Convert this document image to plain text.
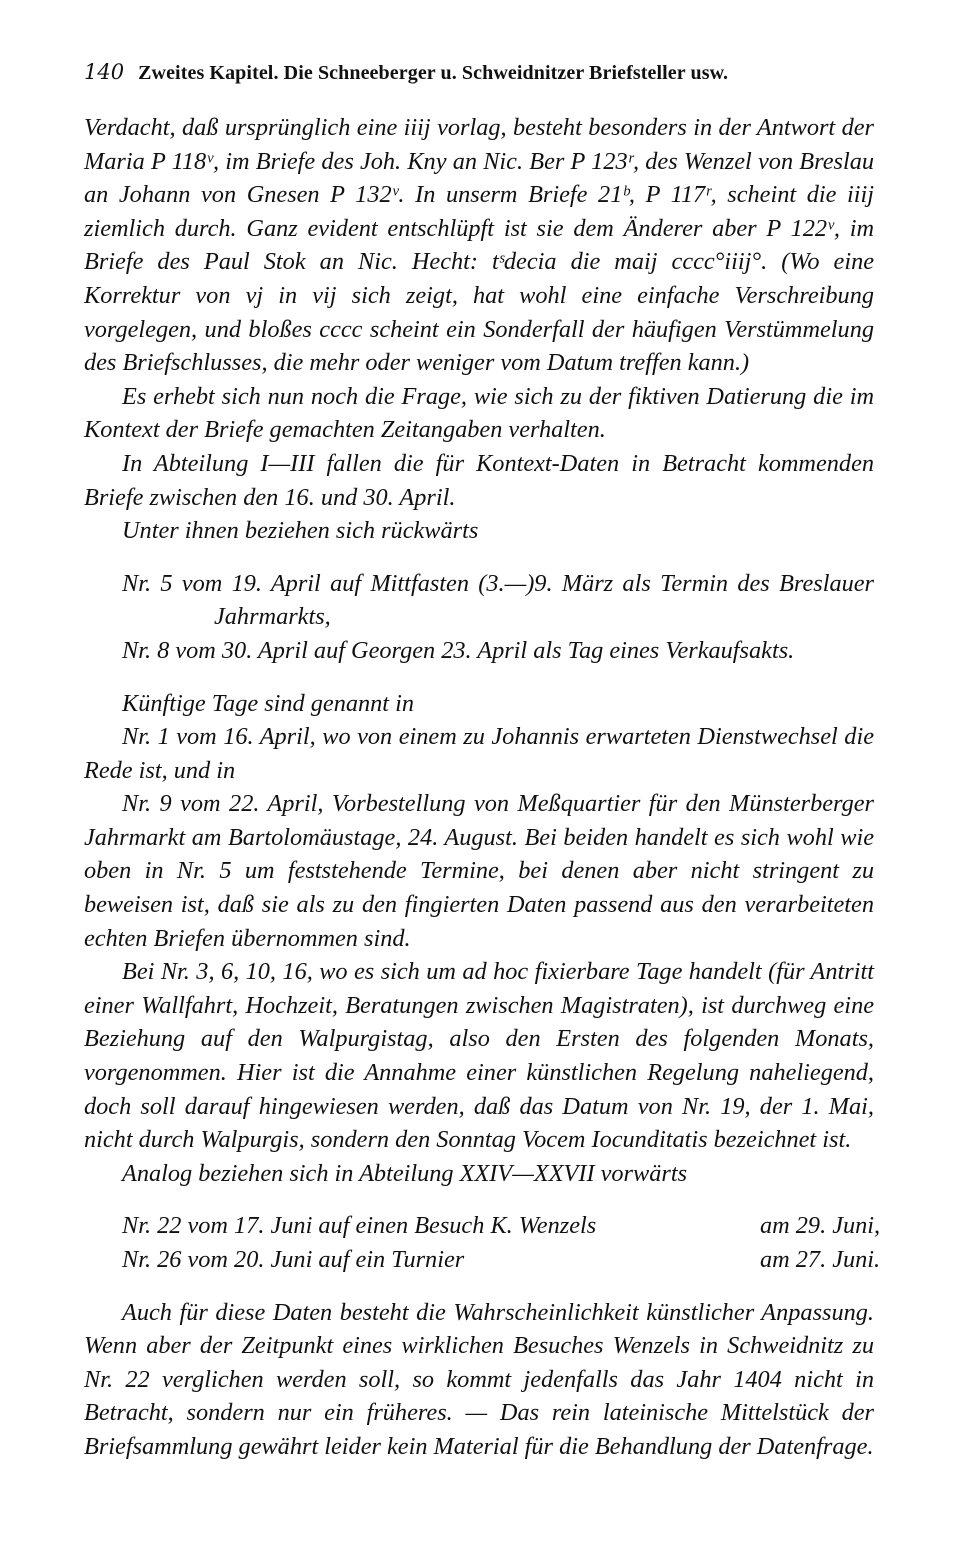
140 Zweites Kapitel. Die Schneeberger u. Schweidnitzer Briefsteller usw.

Verdacht, daß ursprünglich eine iiij vorlag, besteht besonders in der Antwort der Maria P 118ᵛ, im Briefe des Joh. Kny an Nic. Ber P 123ʳ, des Wenzel von Breslau an Johann von Gnesen P 132ᵛ. In unserm Briefe 21ᵇ, P 117ʳ, scheint die iiij ziemlich durch. Ganz evident entschlüpft ist sie dem Änderer aber P 122ᵛ, im Briefe des Paul Stok an Nic. Hecht: tˢdecia die maij cccc°iiij°. (Wo eine Korrektur von vj in vij sich zeigt, hat wohl eine einfache Verschreibung vorgelegen, und bloßes cccc scheint ein Sonderfall der häufigen Verstümmelung des Briefschlusses, die mehr oder weniger vom Datum treffen kann.)

Es erhebt sich nun noch die Frage, wie sich zu der fiktiven Datierung die im Kontext der Briefe gemachten Zeitangaben verhalten.

In Abteilung I—III fallen die für Kontext-Daten in Betracht kommenden Briefe zwischen den 16. und 30. April.

Unter ihnen beziehen sich rückwärts

Nr. 5 vom 19. April auf Mittfasten (3.—)9. März als Termin des Breslauer Jahrmarkts,

Nr. 8 vom 30. April auf Georgen 23. April als Tag eines Verkaufsakts.

Künftige Tage sind genannt in

Nr. 1 vom 16. April, wo von einem zu Johannis erwarteten Dienstwechsel die Rede ist, und in

Nr. 9 vom 22. April, Vorbestellung von Meßquartier für den Münsterberger Jahrmarkt am Bartolomäustage, 24. August. Bei beiden handelt es sich wohl wie oben in Nr. 5 um feststehende Termine, bei denen aber nicht stringent zu beweisen ist, daß sie als zu den fingierten Daten passend aus den verarbeiteten echten Briefen übernommen sind.

Bei Nr. 3, 6, 10, 16, wo es sich um ad hoc fixierbare Tage handelt (für Antritt einer Wallfahrt, Hochzeit, Beratungen zwischen Magistraten), ist durchweg eine Beziehung auf den Walpurgistag, also den Ersten des folgenden Monats, vorgenommen. Hier ist die Annahme einer künstlichen Regelung naheliegend, doch soll darauf hingewiesen werden, daß das Datum von Nr. 19, der 1. Mai, nicht durch Walpurgis, sondern den Sonntag Vocem Iocunditatis bezeichnet ist.

Analog beziehen sich in Abteilung XXIV—XXVII vorwärts

Nr. 22 vom 17. Juni auf einen Besuch K. Wenzels	am 29. Juni,
Nr. 26 vom 20. Juni auf ein Turnier	am 27. Juni.

Auch für diese Daten besteht die Wahrscheinlichkeit künstlicher Anpassung. Wenn aber der Zeitpunkt eines wirklichen Besuches Wenzels in Schweidnitz zu Nr. 22 verglichen werden soll, so kommt jedenfalls das Jahr 1404 nicht in Betracht, sondern nur ein früheres. — Das rein lateinische Mittelstück der Briefsammlung gewährt leider kein Material für die Behandlung der Datenfrage.
